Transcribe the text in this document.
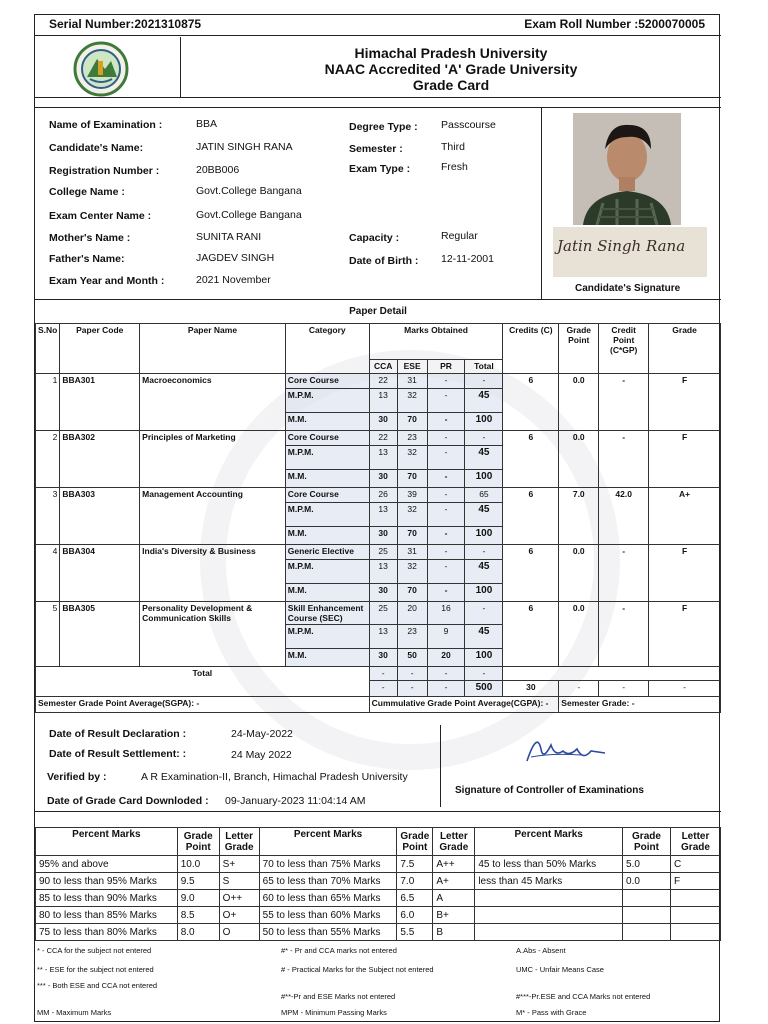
Serial Number:2021310875	Exam Roll Number :5200070005
Himachal Pradesh University
NAAC Accredited 'A' Grade University
Grade Card
Name of Examination :	BBA
Candidate's Name:	JATIN SINGH RANA
Registration Number :	20BB006
College Name :	Govt.College Bangana
Exam Center Name :	Govt.College Bangana
Mother's Name :	SUNITA RANI
Father's Name:	JAGDEV SINGH
Exam Year and Month :	2021 November
Degree Type : Passcourse
Semester :	Third
Exam Type :	Fresh
Capacity :	Regular
Date of Birth : 12-11-2001
Jatin Singh Rana
Candidate's Signature
Paper Detail
S.No	Paper Code	Paper Name	Category	Marks Obtained				Credits (C)	Grade Point	Credit Point (C*GP)	Grade
				CCA	ESE	PR	Total				
1	BBA301	Macroeconomics	Core Course	22	31	-	-	6	0.0	-	F
			M.P.M.	13	32	-	45				
			M.M.	30	70	-	100				
2	BBA302	Principles of Marketing	Core Course	22	23	-	-	6	0.0	-	F
			M.P.M.	13	32	-	45				
			M.M.	30	70	-	100				
3	BBA303	Management Accounting	Core Course	26	39	-	65	6	7.0	42.0	A+
			M.P.M.	13	32	-	45				
			M.M.	30	70	-	100				
4	BBA304	India's Diversity & Business	Generic Elective	25	31	-	-	6	0.0	-	F
			M.P.M.	13	32	-	45				
			M.M.	30	70	-	100				
5	BBA305	Personality Development & Communication Skills	Skill Enhancement Course (SEC)	25	20	16	-	6	0.0	-	F
			M.P.M.	13	23	9	45				
			M.M.	30	50	20	100				
Total				-	-	-	-				
				-	-	-	500	30	-	-	-
Semester Grade Point Average(SGPA): -				Cummulative Grade Point Average(CGPA): -					Semester Grade: -		
Date of Result Declaration :	24-May-2022
Date of Result Settlement: :	24 May 2022
Verified by :	A R Examination-II, Branch, Himachal Pradesh University
Date of Grade Card Downloded : 09-January-2023 11:04:14 AM
Signature of Controller of Examinations
Percent Marks	Grade Point	Letter Grade	Percent Marks	Grade Point	Letter Grade	Percent Marks	Grade Point	Letter Grade
95% and above	10.0	S+	70 to less than 75% Marks	7.5	A++	45 to less than 50% Marks	5.0	C
90 to less than 95% Marks	9.5	S	65 to less than 70% Marks	7.0	A+	less than 45 Marks	0.0	F
85 to less than 90% Marks	9.0	O++	60 to less than 65% Marks	6.5	A			
80 to less than 85% Marks	8.5	O+	55 to less than 60% Marks	6.0	B+			
75 to less than 80% Marks	8.0	O	50 to less than 55% Marks	5.5	B			
* - CCA for the subject not entered	#* - Pr and CCA marks not entered	A.Abs - Absent
** - ESE for the subject not entered	# - Practical Marks for the Subject not entered	UMC - Unfair Means Case
*** - Both ESE and CCA not entered
#**-Pr and ESE Marks not entered	#***-Pr.ESE and CCA Marks not entered
MM - Maximum Marks	MPM - Minimum Passing Marks	M* - Pass with Grace
